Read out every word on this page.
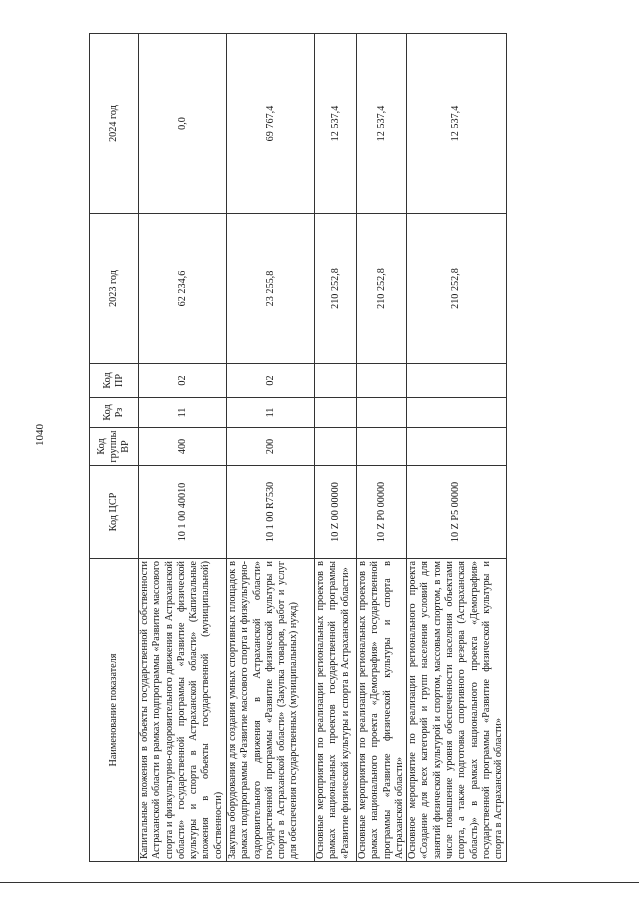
1040
Наименование показателя	Код ЦСР	Код группы ВР	Код Рз	Код ПР	2023 год	2024 год
Капитальные вложения в объекты государственной собственности Астраханской области в рамках подпрограммы «Развитие массового спорта и физкультурно-оздоровительного движения в Астраханской области» государственной программы «Развитие физической культуры и спорта в Астраханской области» (Капитальные вложения в объекты государственной (муниципальной) собственности)	10 1 00 40010	400	11	02	62 234,6	0,0
Закупка оборудования для создания умных спортивных площадок в рамках подпрограммы «Развитие массового спорта и физкультурно-оздоровительного движения в Астраханской области» государственной программы «Развитие физической культуры и спорта в Астраханской области» (Закупка товаров, работ и услуг для обеспечения государственных (муниципальных) нужд)	10 1 00 R7530	200	11	02	23 255,8	69 767,4
Основные мероприятия по реализации региональных проектов в рамках национальных проектов государственной программы «Развитие физической культуры и спорта в Астраханской области»	10 Z 00 00000				210 252,8	12 537,4
Основные мероприятия по реализации региональных проектов в рамках национального проекта «Демография» государственной программы «Развитие физической культуры и спорта в Астраханской области»	10 Z P0 00000				210 252,8	12 537,4
Основное мероприятие по реализации регионального проекта «Создание для всех категорий и групп населения условий для занятий физической культурой и спортом, массовым спортом, в том числе повышение уровня обеспеченности населения объектами спорта, а также подготовка спортивного резерва (Астраханская область)» в рамках национального проекта «Демография» государственной программы «Развитие физической культуры и спорта в Астраханской области»	10 Z P5 00000				210 252,8	12 537,4
